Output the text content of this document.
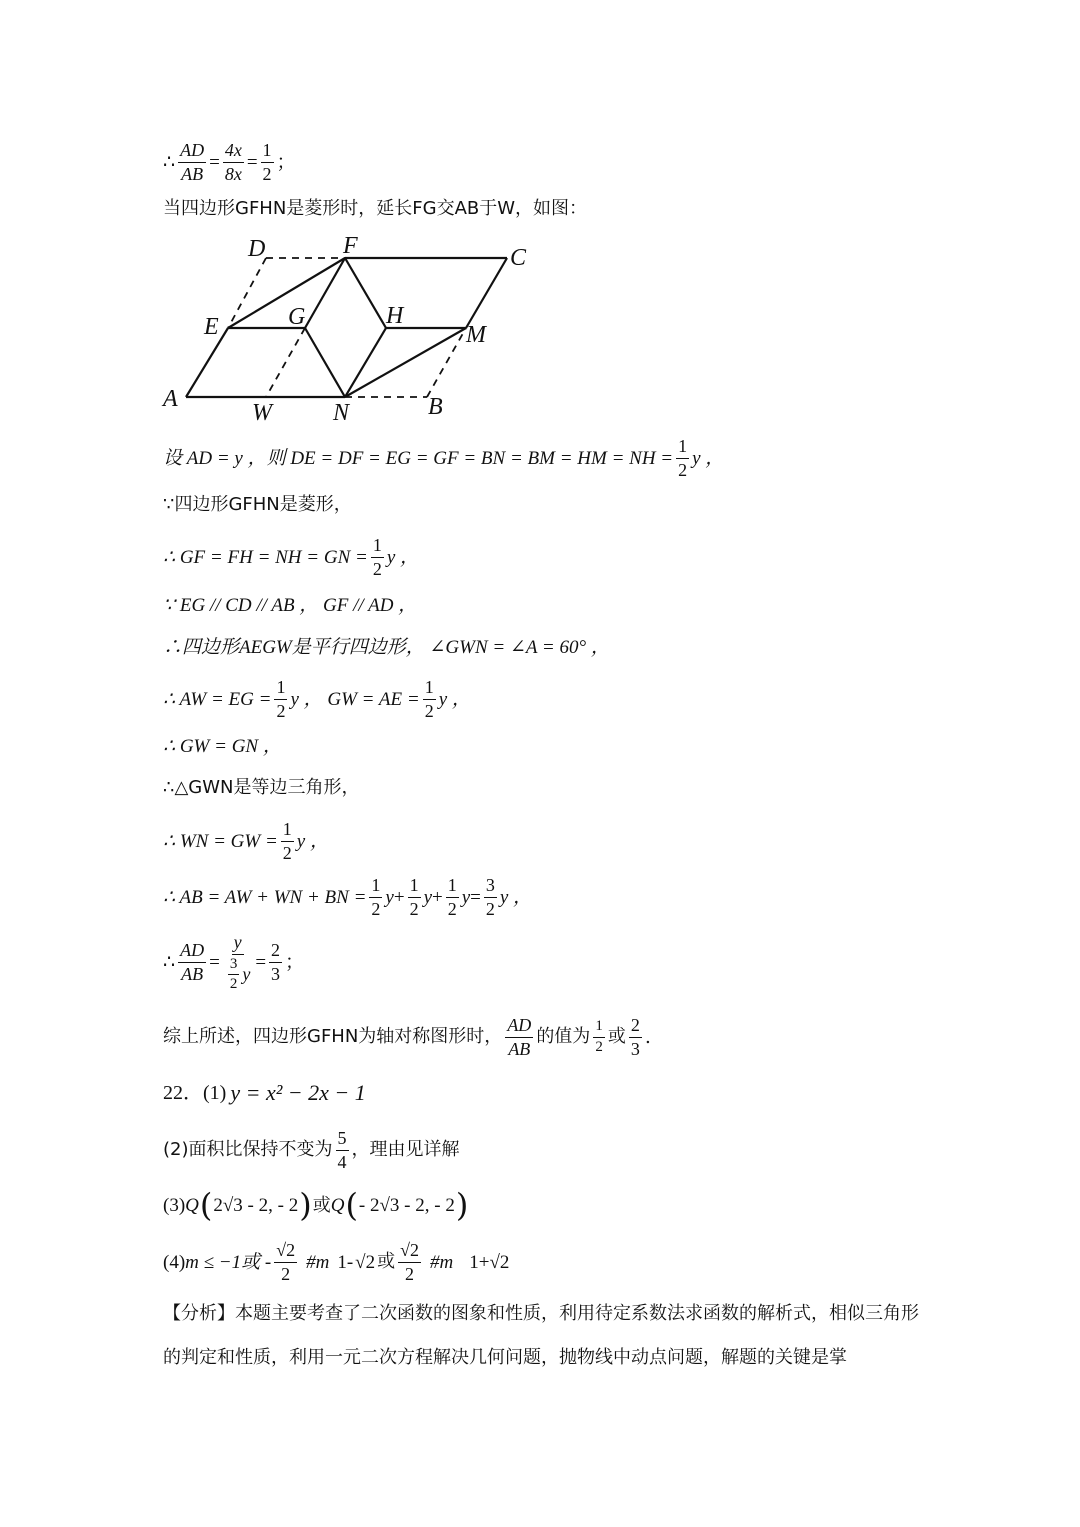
∴ $\frac{AD}{AB} = \frac{4x}{8x} = \frac{1}{2}$ ；
当四边形GFHN是菱形时，延长FG交AB于W，如图：
D	F	C
E	G	H
M
A
W	N	B
设 AD = y ，则 DE = DF = EG = GF = BN = BM = HM = NH = $\frac{1}{2}$ y ，
∵四边形GFHN是菱形，
∴ GF = FH = NH = GN = $\frac{1}{2}$ y ，
∵ EG // CD // AB ， GF // AD ，
∴四边形AEGW是平行四边形， ∠GWN = ∠A = 60° ，
∴ AW = EG = $\frac{1}{2}$ y ， GW = AE = $\frac{1}{2}$ y ，
∴ GW = GN ，
∴△GWN是等边三角形，
∴ WN = GW = $\frac{1}{2}$ y ，
∴ AB = AW + WN + BN = $\frac{1}{2}$ $y + \frac{1}{2}$ $y + \frac{1}{2}$ $y = \frac{3}{2}$ y ，
∴ $\frac{AD}{AB} = \frac{y}{\frac{3}{2} y} = \frac{2}{3}$ ；
综上所述，四边形GFHN为轴对称图形时， $\frac{AD}{AB}$ 的值为 $\frac{1}{2}$ 或 $\frac{2}{3}$ .
22．(1) y = x² − 2x − 1
(2)面积比保持不变为 $\frac{5}{4}$ ，理由见详解
(3) Q ( 2√3 - 2, - 2 ) 或 Q ( - 2√3 - 2, - 2 )
(4) m ≤ −1或 - $\frac{√2}{2}$ #m 1- √2 或 $\frac{√2}{2}$ #m 1+ √2
【分析】本题主要考查了二次函数的图象和性质，利用待定系数法求函数的解析式，相似三角形的判定和性质，利用一元二次方程解决几何问题，抛物线中动点问题，解题的关键是掌
